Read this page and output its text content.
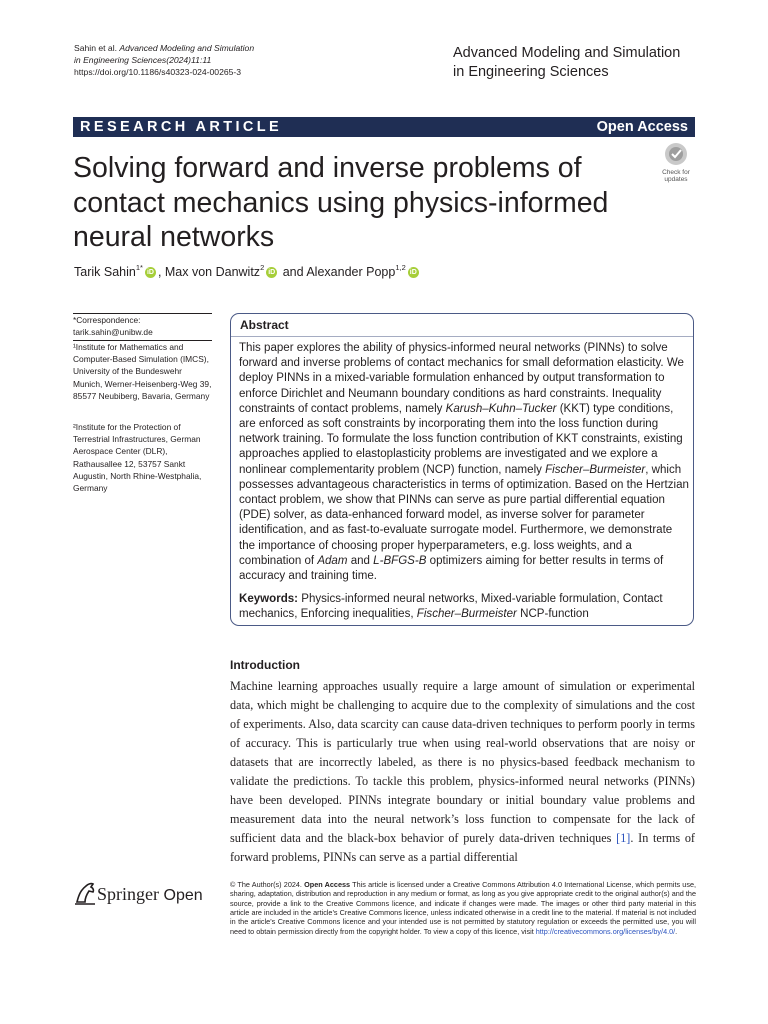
Sahin et al. Advanced Modeling and Simulation
in Engineering Sciences(2024)11:11
https://doi.org/10.1186/s40323-024-00265-3
Advanced Modeling and Simulation
in Engineering Sciences
RESEARCH ARTICLE	Open Access
Solving forward and inverse problems of contact mechanics using physics-informed neural networks
Check for
updates
Tarik Sahin$^{1*}$iD , Max von Danwitz$^2$iD and Alexander Popp$^{1,2}$iD
*Correspondence:
tarik.sahin@unibw.de
¹Institute for Mathematics and Computer-Based Simulation (IMCS), University of the Bundeswehr Munich, Werner-Heisenberg-Weg 39, 85577 Neubiberg, Bavaria, Germany
²Institute for the Protection of Terrestrial Infrastructures, German Aerospace Center (DLR), Rathausallee 12, 53757 Sankt Augustin, North Rhine-Westphalia, Germany
Abstract
This paper explores the ability of physics-informed neural networks (PINNs) to solve forward and inverse problems of contact mechanics for small deformation elasticity. We deploy PINNs in a mixed-variable formulation enhanced by output transformation to enforce Dirichlet and Neumann boundary conditions as hard constraints. Inequality constraints of contact problems, namely Karush–Kuhn–Tucker (KKT) type conditions, are enforced as soft constraints by incorporating them into the loss function during network training. To formulate the loss function contribution of KKT constraints, existing approaches applied to elastoplasticity problems are investigated and we explore a nonlinear complementarity problem (NCP) function, namely Fischer–Burmeister, which possesses advantageous characteristics in terms of optimization. Based on the Hertzian contact problem, we show that PINNs can serve as pure partial differential equation (PDE) solver, as data-enhanced forward model, as inverse solver for parameter identification, and as fast-to-evaluate surrogate model. Furthermore, we demonstrate the importance of choosing proper hyperparameters, e.g. loss weights, and a combination of Adam and L-BFGS-B optimizers aiming for better results in terms of accuracy and training time.
Keywords: Physics-informed neural networks, Mixed-variable formulation, Contact mechanics, Enforcing inequalities, Fischer–Burmeister NCP-function
Introduction
Machine learning approaches usually require a large amount of simulation or experimental data, which might be challenging to acquire due to the complexity of simulations and the cost of experiments. Also, data scarcity can cause data-driven techniques to perform poorly in terms of accuracy. This is particularly true when using real-world observations that are noisy or datasets that are incorrectly labeled, as there is no physics-based feedback mechanism to validate the predictions. To tackle this problem, physics-informed neural networks (PINNs) have been developed. PINNs integrate boundary or initial boundary value problems and measurement data into the neural network’s loss function to compensate for the lack of sufficient data and the black-box behavior of purely data-driven techniques [1]. In terms of forward problems, PINNs can serve as a partial differential
Springer Open
© The Author(s) 2024. Open Access This article is licensed under a Creative Commons Attribution 4.0 International License, which permits use, sharing, adaptation, distribution and reproduction in any medium or format, as long as you give appropriate credit to the original author(s) and the source, provide a link to the Creative Commons licence, and indicate if changes were made. The images or other third party material in this article are included in the article’s Creative Commons licence, unless indicated otherwise in a credit line to the material. If material is not included in the article’s Creative Commons licence and your intended use is not permitted by statutory regulation or exceeds the permitted use, you will need to obtain permission directly from the copyright holder. To view a copy of this licence, visit http://creativecommons.org/licenses/by/4.0/.
